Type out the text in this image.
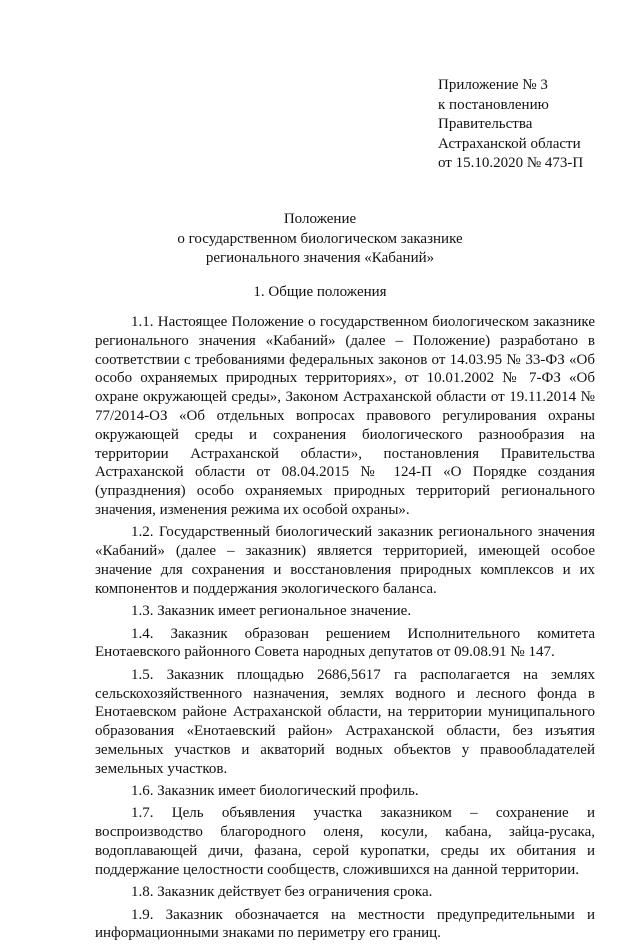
Приложение № 3
к постановлению
Правительства
Астраханской области
от 15.10.2020 № 473-П
Положение
о государственном биологическом заказнике
регионального значения «Кабаний»
1. Общие положения

1.1. Настоящее Положение о государственном биологическом заказнике регионального значения «Кабаний» (далее – Положение) разработано в соответствии с требованиями федеральных законов от 14.03.95 № 33-ФЗ «Об особо охраняемых природных территориях», от 10.01.2002 № 7-ФЗ «Об охране окружающей среды», Законом Астраханской области от 19.11.2014 № 77/2014-ОЗ «Об отдельных вопросах правового регулирования охраны окружающей среды и сохранения биологического разнообразия на территории Астраханской области», постановления Правительства Астраханской области от 08.04.2015 № 124-П «О Порядке создания (упразднения) особо охраняемых природных территорий регионального значения, изменения режима их особой охраны».

1.2. Государственный биологический заказник регионального значения «Кабаний» (далее – заказник) является территорией, имеющей особое значение для сохранения и восстановления природных комплексов и их компонентов и поддержания экологического баланса.

1.3. Заказник имеет региональное значение.

1.4. Заказник образован решением Исполнительного комитета Енотаевского районного Совета народных депутатов от 09.08.91 № 147.

1.5. Заказник площадью 2686,5617 га располагается на землях сельскохозяйственного назначения, землях водного и лесного фонда в Енотаевском районе Астраханской области, на территории муниципального образования «Енотаевский район» Астраханской области, без изъятия земельных участков и акваторий водных объектов у правообладателей земельных участков.

1.6. Заказник имеет биологический профиль.

1.7. Цель объявления участка заказником – сохранение и воспроизводство благородного оленя, косули, кабана, зайца-русака, водоплавающей дичи, фазана, серой куропатки, среды их обитания и поддержание целостности сообществ, сложившихся на данной территории.

1.8. Заказник действует без ограничения срока.

1.9. Заказник обозначается на местности предупредительными и информационными знаками по периметру его границ.
